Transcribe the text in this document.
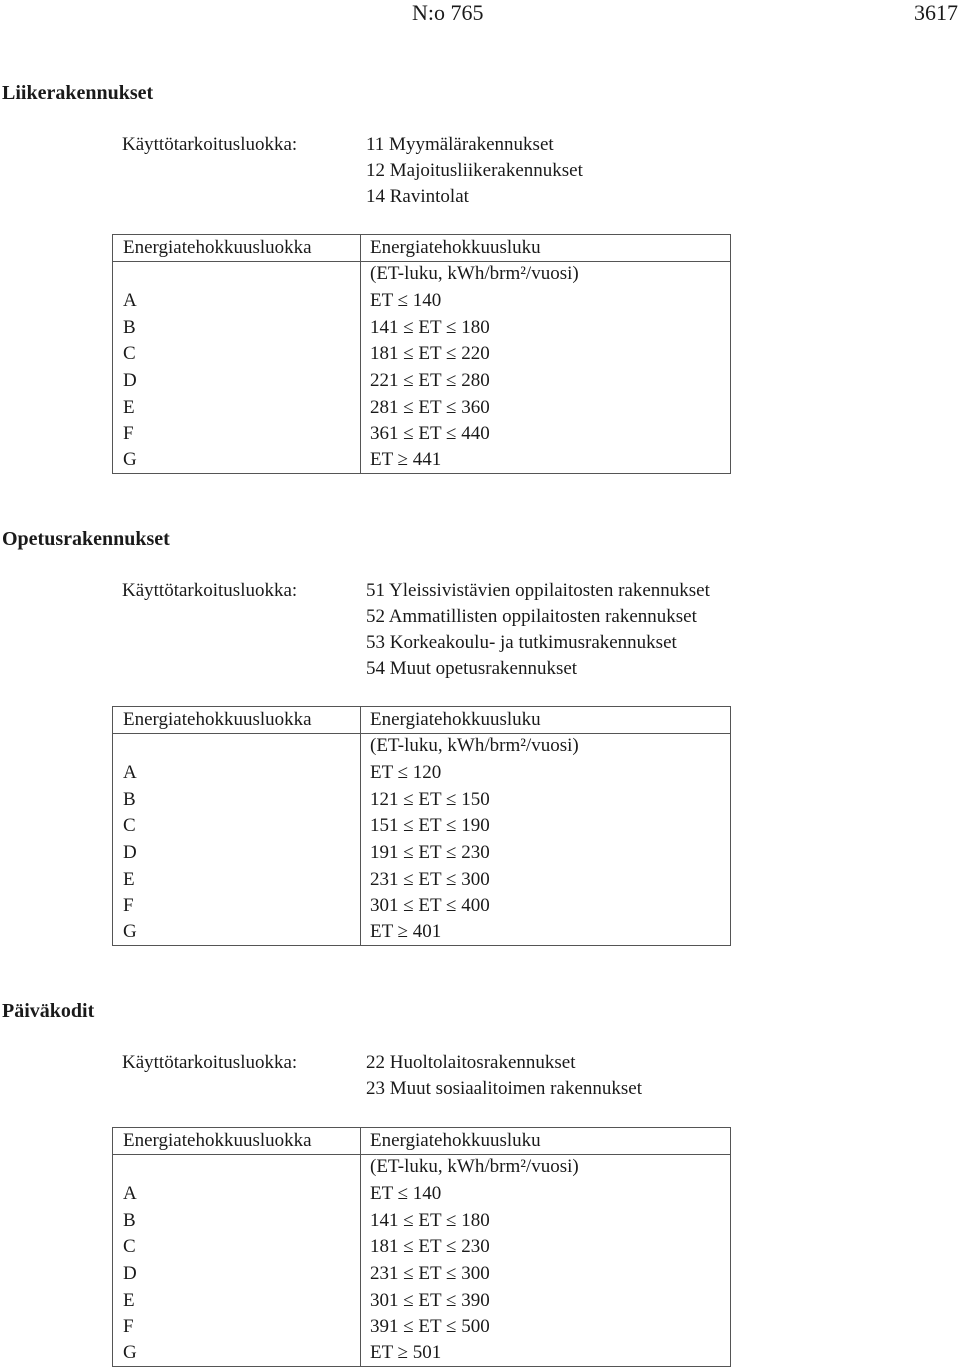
N:o 765	3617
Liikerakennukset
Käyttötarkoitusluokka:	11 Myymälärakennukset
12 Majoitusliikerakennukset
14 Ravintolat
Energiatehokkuusluokka	Energiatehokkuusluku
(ET-luku, kWh/brm²/vuosi)
A	ET ≤ 140
B	141 ≤ ET ≤ 180
C	181 ≤ ET ≤ 220
D	221 ≤ ET ≤ 280
E	281 ≤ ET ≤ 360
F	361 ≤ ET ≤ 440
G	ET ≥ 441
Opetusrakennukset
Käyttötarkoitusluokka:	51 Yleissivistävien oppilaitosten rakennukset
52 Ammatillisten oppilaitosten rakennukset
53 Korkeakoulu- ja tutkimusrakennukset
54 Muut opetusrakennukset
Energiatehokkuusluokka	Energiatehokkuusluku
(ET-luku, kWh/brm²/vuosi)
A	ET ≤ 120
B	121 ≤ ET ≤ 150
C	151 ≤ ET ≤ 190
D	191 ≤ ET ≤ 230
E	231 ≤ ET ≤ 300
F	301 ≤ ET ≤ 400
G	ET ≥ 401
Päiväkodit
Käyttötarkoitusluokka:	22 Huoltolaitosrakennukset
23 Muut sosiaalitoimen rakennukset
Energiatehokkuusluokka	Energiatehokkuusluku
(ET-luku, kWh/brm²/vuosi)
A	ET ≤ 140
B	141 ≤ ET ≤ 180
C	181 ≤ ET ≤ 230
D	231 ≤ ET ≤ 300
E	301 ≤ ET ≤ 390
F	391 ≤ ET ≤ 500
G	ET ≥ 501
